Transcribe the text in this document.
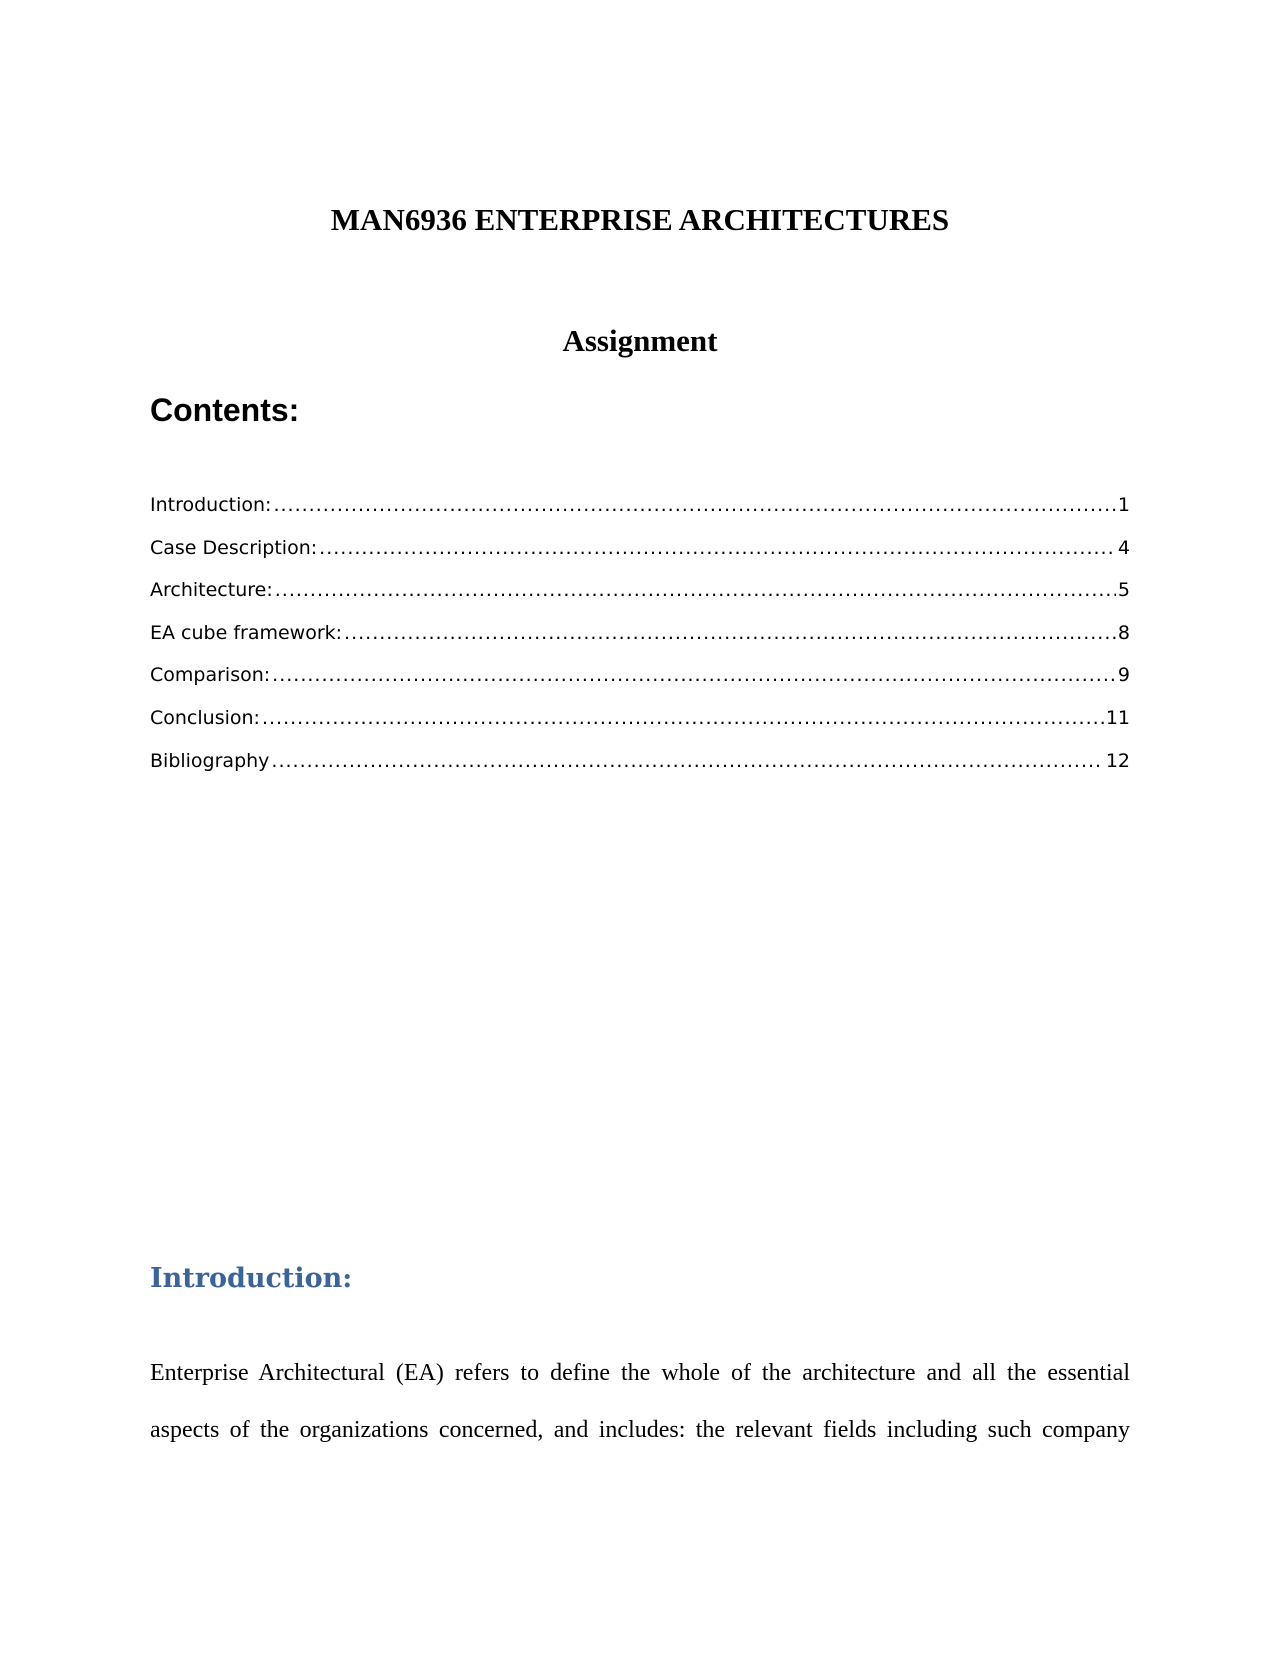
MAN6936 ENTERPRISE ARCHITECTURES
Assignment
Contents:
Introduction: .....	1
Case Description: .....	4
Architecture: .....	5
EA cube framework: .....	8
Comparison: .....	9
Conclusion: .....	11
Bibliography .....	12
Introduction:
Enterprise Architectural (EA) refers to define the whole of the architecture and all the essential
aspects of the organizations concerned, and includes: the relevant fields including such company
